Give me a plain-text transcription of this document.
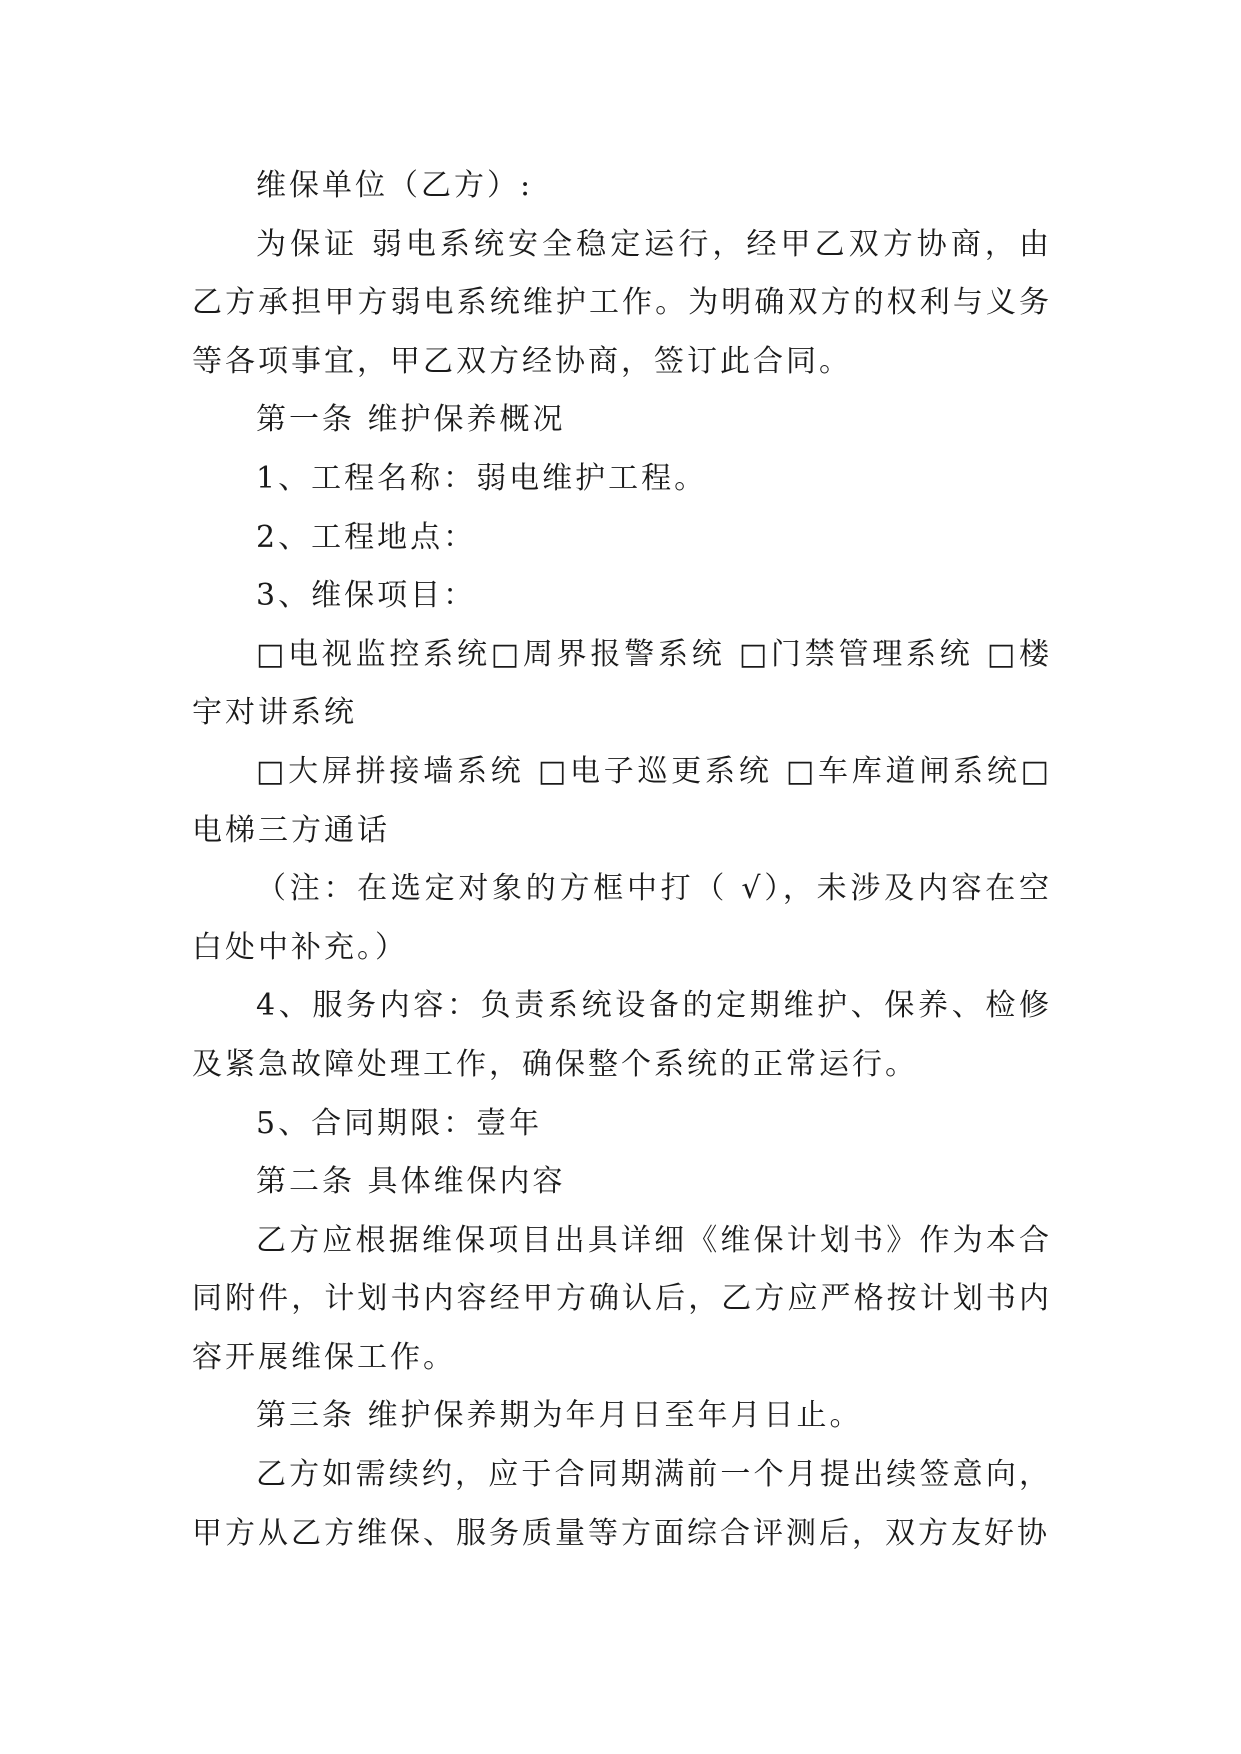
维保单位（乙方）:

为保证 弱电系统安全稳定运行，经甲乙双方协商，由乙方承担甲方弱电系统维护工作。为明确双方的权利与义务等各项事宜，甲乙双方经协商，签订此合同。

第一条 维护保养概况

1、工程名称：弱电维护工程。

2、工程地点：

3、维保项目：

□电视监控系统□周界报警系统 □门禁管理系统 □楼宇对讲系统

□大屏拼接墙系统 □电子巡更系统 □车库道闸系统□电梯三方通话

（注：在选定对象的方框中打（ √），未涉及内容在空白处中补充。）

4、服务内容：负责系统设备的定期维护、保养、检修及紧急故障处理工作，确保整个系统的正常运行。

5、合同期限：壹年

第二条 具体维保内容

乙方应根据维保项目出具详细《维保计划书》作为本合同附件，计划书内容经甲方确认后，乙方应严格按计划书内容开展维保工作。

第三条 维护保养期为年月日至年月日止。

乙方如需续约，应于合同期满前一个月提出续签意向，甲方从乙方维保、服务质量等方面综合评测后，双方友好协
